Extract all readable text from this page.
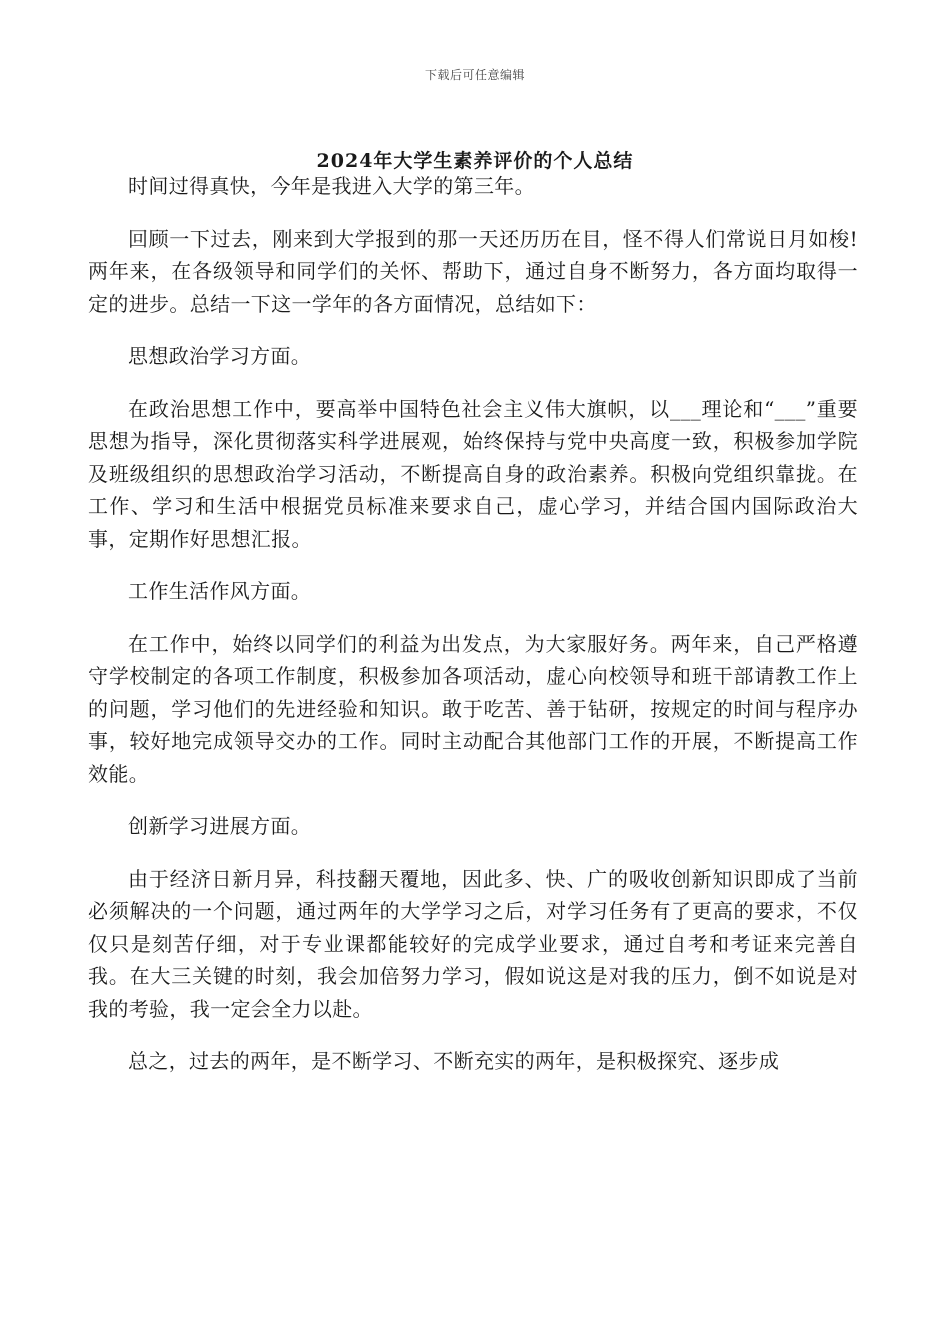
下载后可任意编辑
2024年大学生素养评价的个人总结

时间过得真快，今年是我进入大学的第三年。

回顾一下过去，刚来到大学报到的那一天还历历在目，怪不得人们常说日月如梭!两年来，在各级领导和同学们的关怀、帮助下，通过自身不断努力，各方面均取得一定的进步。总结一下这一学年的各方面情况，总结如下：

思想政治学习方面。

在政治思想工作中，要高举中国特色社会主义伟大旗帜，以___理论和“___”重要思想为指导，深化贯彻落实科学进展观，始终保持与党中央高度一致，积极参加学院及班级组织的思想政治学习活动，不断提高自身的政治素养。积极向党组织靠拢。在工作、学习和生活中根据党员标准来要求自己，虚心学习，并结合国内国际政治大事，定期作好思想汇报。

工作生活作风方面。

在工作中，始终以同学们的利益为出发点，为大家服好务。两年来，自己严格遵守学校制定的各项工作制度，积极参加各项活动，虚心向校领导和班干部请教工作上的问题，学习他们的先进经验和知识。敢于吃苦、善于钻研，按规定的时间与程序办事，较好地完成领导交办的工作。同时主动配合其他部门工作的开展，不断提高工作效能。

创新学习进展方面。

由于经济日新月异，科技翻天覆地，因此多、快、广的吸收创新知识即成了当前必须解决的一个问题，通过两年的大学学习之后，对学习任务有了更高的要求，不仅仅只是刻苦仔细，对于专业课都能较好的完成学业要求，通过自考和考证来完善自我。在大三关键的时刻，我会加倍努力学习，假如说这是对我的压力，倒不如说是对我的考验，我一定会全力以赴。

总之，过去的两年，是不断学习、不断充实的两年，是积极探究、逐步成
